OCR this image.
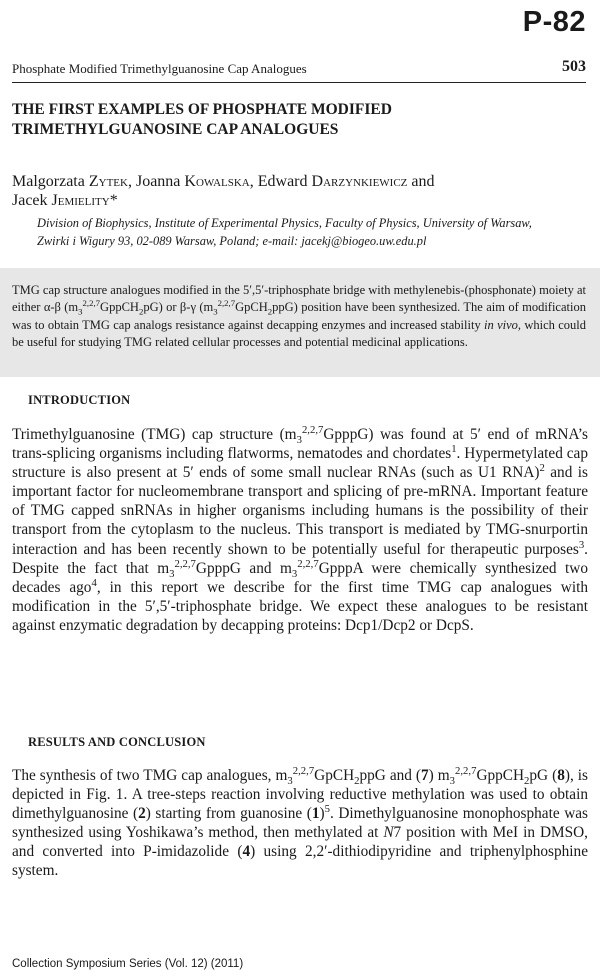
P-82
Phosphate Modified Trimethylguanosine Cap Analogues	503
THE FIRST EXAMPLES OF PHOSPHATE MODIFIED
TRIMETHYLGUANOSINE CAP ANALOGUES
Malgorzata Zytek, Joanna Kowalska, Edward Darzynkiewicz and
Jacek Jemielity*
Division of Biophysics, Institute of Experimental Physics, Faculty of Physics, University of Warsaw,
Zwirki i Wigury 93, 02-089 Warsaw, Poland; e-mail: jacekj@biogeo.uw.edu.pl

TMG cap structure analogues modified in the 5′,5′-triphosphate bridge with methylenebis-(phosphonate) moiety at either α-β $(m_3^{2,2,7}GppCH_2pG)$ or β-γ $(m_3^{2,2,7}GpCH_2ppG)$ position have been synthesized. The aim of modification was to obtain TMG cap analogs resistance against decapping enzymes and increased stability in vivo, which could be useful for studying TMG related cellular processes and potential medicinal applications.

INTRODUCTION

Trimethylguanosine (TMG) cap structure $(m_3^{2,2,7}GpppG)$ was found at 5′ end of mRNA’s trans-splicing organisms including flatworms, nematodes and chordates$^1$. Hypermetylated cap structure is also present at 5′ ends of some small nuclear RNAs (such as U1 RNA)$^2$ and is important factor for nucleomembrane transport and splicing of pre-mRNA. Important feature of TMG capped snRNAs in higher organisms including humans is the possibility of their transport from the cytoplasm to the nucleus. This transport is mediated by TMG-snurportin interaction and has been recently shown to be potentially useful for therapeutic purposes$^3$. Despite the fact that $m_3^{2,2,7}GpppG$ and $m_3^{2,2,7}GpppA$ were chemically synthesized two decades ago$^4$, in this report we describe for the first time TMG cap analogues with modification in the 5′,5′-triphosphate bridge. We expect these analogues to be resistant against enzymatic degradation by decapping proteins: Dcp1/Dcp2 or DcpS.

RESULTS AND CONCLUSION

The synthesis of two TMG cap analogues, $m_3^{2,2,7}GpCH_2ppG$ and (7) $m_3^{2,2,7}GppCH_2pG$ (8), is depicted in Fig. 1. A tree-steps reaction involving reductive methylation was used to obtain dimethylguanosine (2) starting from guanosine $(1)^5$. Dimethylguanosine monophosphate was synthesized using Yoshikawa’s method, then methylated at N7 position with MeI in DMSO, and converted into P-imidazolide (4) using 2,2′-dithiodipyridine and triphenylphosphine system.

Collection Symposium Series (Vol. 12) (2011)
